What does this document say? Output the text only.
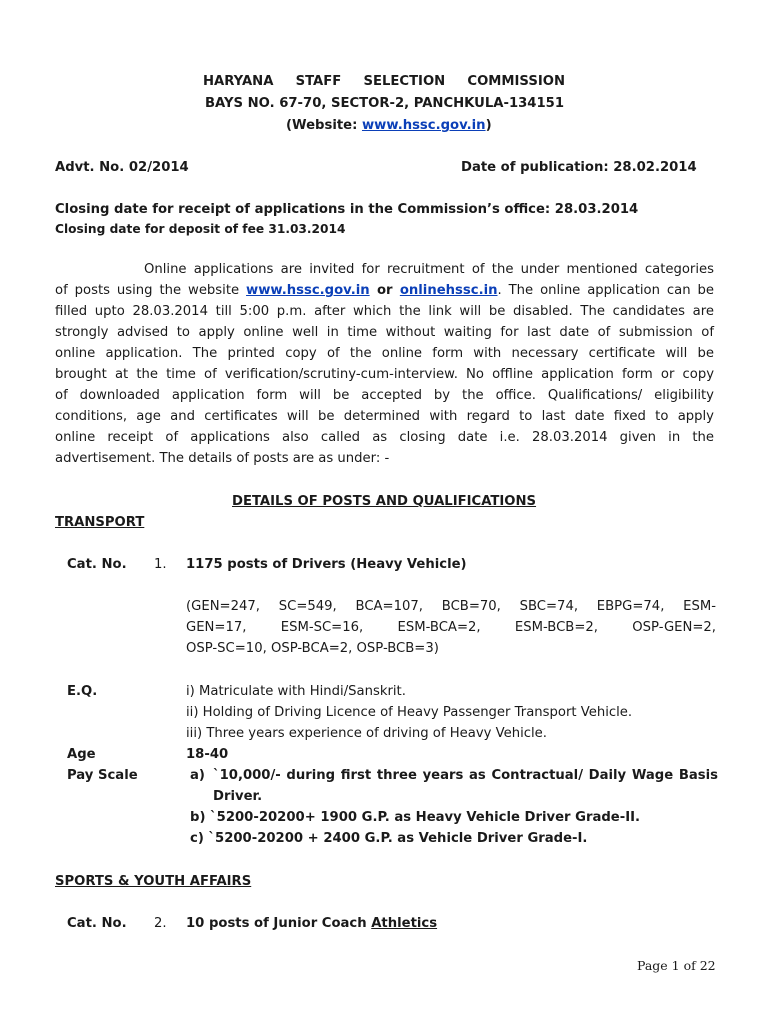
HARYANA STAFF SELECTION COMMISSION
BAYS NO. 67-70, SECTOR-2, PANCHKULA-134151
(Website: www.hssc.gov.in)
Advt. No. 02/2014	Date of publication: 28.02.2014
Closing date for receipt of applications in the Commission’s office: 28.03.2014
Closing date for deposit of fee 31.03.2014
Online applications are invited for recruitment of the under mentioned categories
of posts using the website www.hssc.gov.in or onlinehssc.in. The online application can be
filled upto 28.03.2014 till 5:00 p.m. after which the link will be disabled. The candidates are
strongly advised to apply online well in time without waiting for last date of submission of
online application. The printed copy of the online form with necessary certificate will be
brought at the time of verification/scrutiny-cum-interview. No offline application form or copy
of downloaded application form will be accepted by the office. Qualifications/ eligibility
conditions, age and certificates will be determined with regard to last date fixed to apply
online receipt of applications also called as closing date i.e. 28.03.2014 given in the
advertisement. The details of posts are as under: -
DETAILS OF POSTS AND QUALIFICATIONS
TRANSPORT
Cat. No. 1. 1175 posts of Drivers (Heavy Vehicle)
(GEN=247, SC=549, BCA=107, BCB=70, SBC=74, EBPG=74, ESM-
GEN=17, ESM-SC=16, ESM-BCA=2, ESM-BCB=2, OSP-GEN=2,
OSP-SC=10, OSP-BCA=2, OSP-BCB=3)
E.Q.	i) Matriculate with Hindi/Sanskrit.
ii) Holding of Driving Licence of Heavy Passenger Transport Vehicle.
iii) Three years experience of driving of Heavy Vehicle.
Age	18-40
Pay Scale	a) `10,000/- during first three years as Contractual/ Daily Wage Basis
Driver.
b) `5200-20200+ 1900 G.P. as Heavy Vehicle Driver Grade-II.
c) `5200-20200 + 2400 G.P. as Vehicle Driver Grade-I.
SPORTS & YOUTH AFFAIRS
Cat. No. 2. 10 posts of Junior Coach Athletics
Page 1 of 22
